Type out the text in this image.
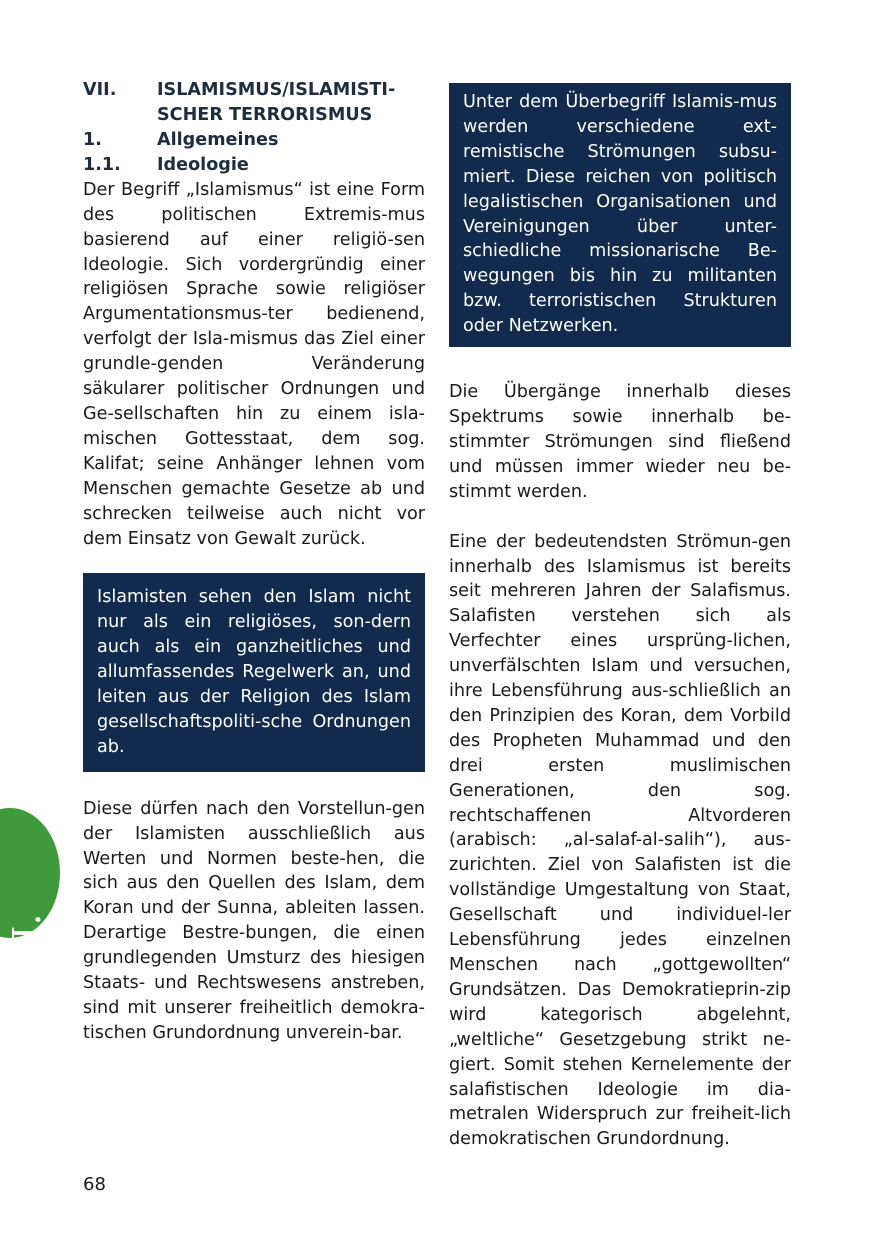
VII.	ISLAMISMUS/ISLAMISTI-SCHER TERRORISMUS
1.	Allgemeines
1.1.	Ideologie

Der Begriff „Islamismus“ ist eine Form des politischen Extremis-mus basierend auf einer religiö-sen Ideologie. Sich vordergründig einer religiösen Sprache sowie religiöser Argumentationsmus-ter bedienend, verfolgt der Isla-mismus das Ziel einer grundle-genden Veränderung säkularer politischer Ordnungen und Ge-sellschaften hin zu einem isla-mischen Gottesstaat, dem sog. Kalifat; seine Anhänger lehnen vom Menschen gemachte Gesetze ab und schrecken teilweise auch nicht vor dem Einsatz von Gewalt zurück.

Islamisten sehen den Islam nicht nur als ein religiöses, son-dern auch als ein ganzheitliches und allumfassendes Regelwerk an, und leiten aus der Religion des Islam gesellschaftspoliti-sche Ordnungen ab.

Diese dürfen nach den Vorstellun-gen der Islamisten ausschließlich aus Werten und Normen beste-hen, die sich aus den Quellen des Islam, dem Koran und der Sunna, ableiten lassen. Derartige Bestre-bungen, die einen grundlegenden Umsturz des hiesigen Staats- und Rechtswesens anstreben, sind mit unserer freiheitlich demokra-tischen Grundordnung unverein-bar.

Unter dem Überbegriff Islamis-mus werden verschiedene ext-remistische Strömungen subsu-miert. Diese reichen von politisch legalistischen Organisationen und Vereinigungen über unter-schiedliche missionarische Be-wegungen bis hin zu militanten bzw. terroristischen Strukturen oder Netzwerken.

Die Übergänge innerhalb dieses Spektrums sowie innerhalb be-stimmter Strömungen sind fließend und müssen immer wieder neu be-stimmt werden.

Eine der bedeutendsten Strömun-gen innerhalb des Islamismus ist bereits seit mehreren Jahren der Salafismus. Salafisten verstehen sich als Verfechter eines ursprüng-lichen, unverfälschten Islam und versuchen, ihre Lebensführung aus-schließlich an den Prinzipien des Koran, dem Vorbild des Propheten Muhammad und den drei ersten muslimischen Generationen, den sog. rechtschaffenen Altvorderen (arabisch: „al-salaf-al-salih“), aus-zurichten. Ziel von Salafisten ist die vollständige Umgestaltung von Staat, Gesellschaft und individuel-ler Lebensführung jedes einzelnen Menschen nach „gottgewollten“ Grundsätzen. Das Demokratieprin-zip wird kategorisch abgelehnt, „weltliche“ Gesetzgebung strikt ne-giert. Somit stehen Kernelemente der salafistischen Ideologie im dia-metralen Widerspruch zur freiheit-lich demokratischen Grundordnung.

VII.
68
